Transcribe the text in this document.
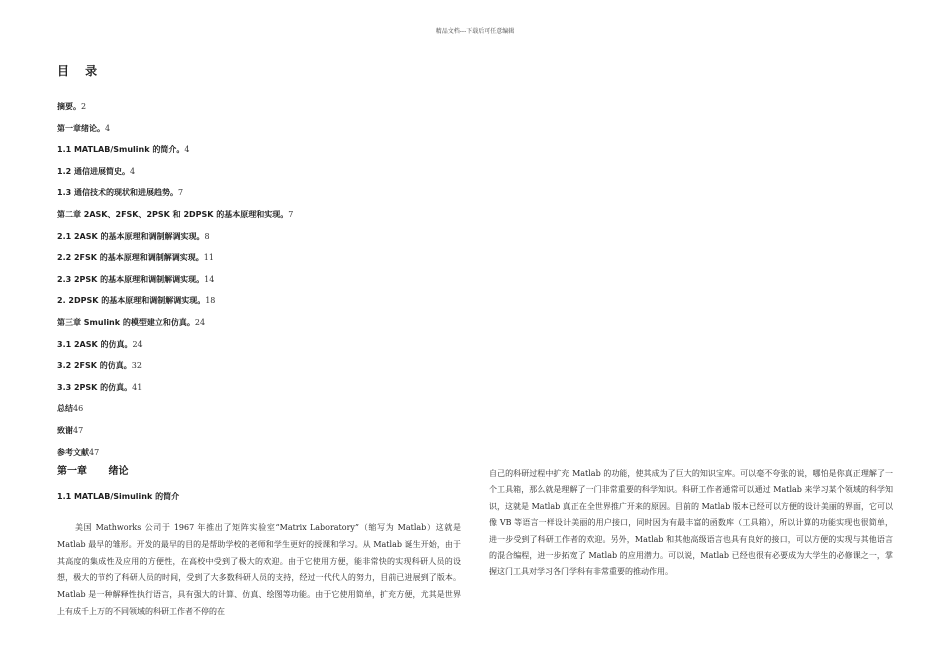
精品文档---下载后可任意编辑
目 录
摘要。2
第一章绪论。4
1.1 MATLAB/Smulink 的简介。4
1.2 通信进展简史。4
1.3 通信技术的现状和进展趋势。7
第二章 2ASK、2FSK、2PSK 和 2DPSK 的基本原理和实现。7
2.1 2ASK 的基本原理和调制解调实现。8
2.2 2FSK 的基本原理和调制解调实现。11
2.3 2PSK 的基本原理和调制解调实现。14
2. 2DPSK 的基本原理和调制解调实现。18
第三章 Smulink 的模型建立和仿真。24
3.1 2ASK 的仿真。24
3.2 2FSK 的仿真。32
3.3 2PSK 的仿真。41
总结46
致谢47
参考文献47
第一章 绪论
1.1 MATLAB/Simulink 的简介
美国 Mathworks 公司于 1967 年推出了矩阵实验室“Matrix Laboratory”（缩写为 Matlab）这就是 Matlab 最早的雏形。开发的最早的目的是帮助学校的老师和学生更好的授课和学习。从 Matlab 诞生开始，由于其高度的集成性及应用的方便性，在高校中受到了极大的欢迎。由于它使用方便，能非常快的实现科研人员的设想，极大的节约了科研人员的时间，受到了大多数科研人员的支持，经过一代代人的努力，目前已进展到了版本。Matlab 是一种解释性执行语言，具有强大的计算、仿真、绘图等功能。由于它使用简单，扩充方便，尤其是世界上有成千上万的不同领域的科研工作者不停的在
自己的科研过程中扩充 Matlab 的功能，使其成为了巨大的知识宝库。可以毫不夸张的说，哪怕是你真正理解了一个工具箱，那么就是理解了一门非常重要的科学知识。科研工作者通常可以通过 Matlab 来学习某个领域的科学知识，这就是 Matlab 真正在全世界推广开来的原因。目前的 Matlab 版本已经可以方便的设计美丽的界面，它可以像 VB 等语言一样设计美丽的用户接口，同时因为有最丰富的函数库（工具箱），所以计算的功能实现也很简单，进一步受到了科研工作者的欢迎。另外，Matlab 和其他高级语言也具有良好的接口，可以方便的实现与其他语言的混合编程，进一步拓宽了 Matlab 的应用潜力。可以说，Matlab 已经也很有必要成为大学生的必修课之一，掌握这门工具对学习各门学科有非常重要的推动作用。
